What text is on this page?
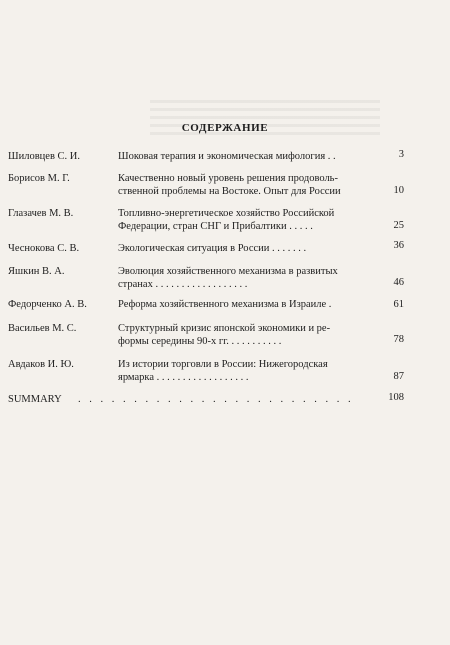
СОДЕРЖАНИЕ
Шиловцев С. И.	Шоковая терапия и экономическая мифология . .	3
Борисов М. Г.	Качественно новый уровень решения продоволь-
ственной проблемы на Востоке. Опыт для России	10
Глазачев М. В.	Топливно-энергетическое хозяйство Российской
Федерации, стран СНГ и Прибалтики . . . . .	25
Чеснокова С. В.	Экологическая ситуация в России . . . . . . .	36
Яшкин В. А.	Эволюция хозяйственного механизма в развитых
странах . . . . . . . . . . . . . . . . . .	46
Федорченко А. В.	Реформа хозяйственного механизма в Израиле .	61
Васильев М. С.	Структурный кризис японской экономики и ре-
формы середины 90-х гг. . . . . . . . . . .	78
Авдаков И. Ю.	Из истории торговли в России: Нижегородская
ярмарка . . . . . . . . . . . . . . . . . .	87
SUMMARY . . . . . . . . . . . . . . . . . . . . . . . . .	108
